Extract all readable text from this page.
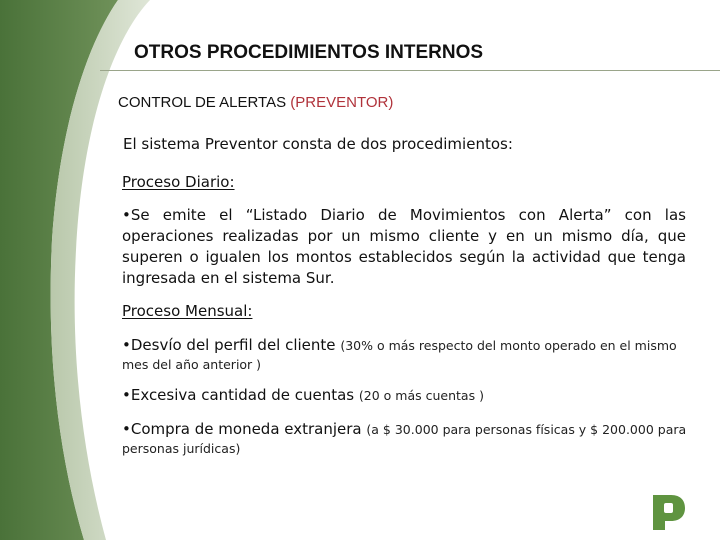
OTROS PROCEDIMIENTOS INTERNOS
CONTROL DE ALERTAS (PREVENTOR)
El sistema Preventor consta de dos procedimientos:
Proceso Diario:
•Se emite el “Listado Diario de Movimientos con Alerta” con las operaciones realizadas por un mismo cliente y en un mismo día, que superen o igualen los montos establecidos según la actividad que tenga ingresada en el sistema Sur.
Proceso Mensual:
•Desvío del perfil del cliente (30% o más respecto del monto operado en el mismo mes del año anterior )
•Excesiva cantidad de cuentas (20 o más cuentas )
•Compra de moneda extranjera (a $ 30.000 para personas físicas y $ 200.000 para personas jurídicas)
